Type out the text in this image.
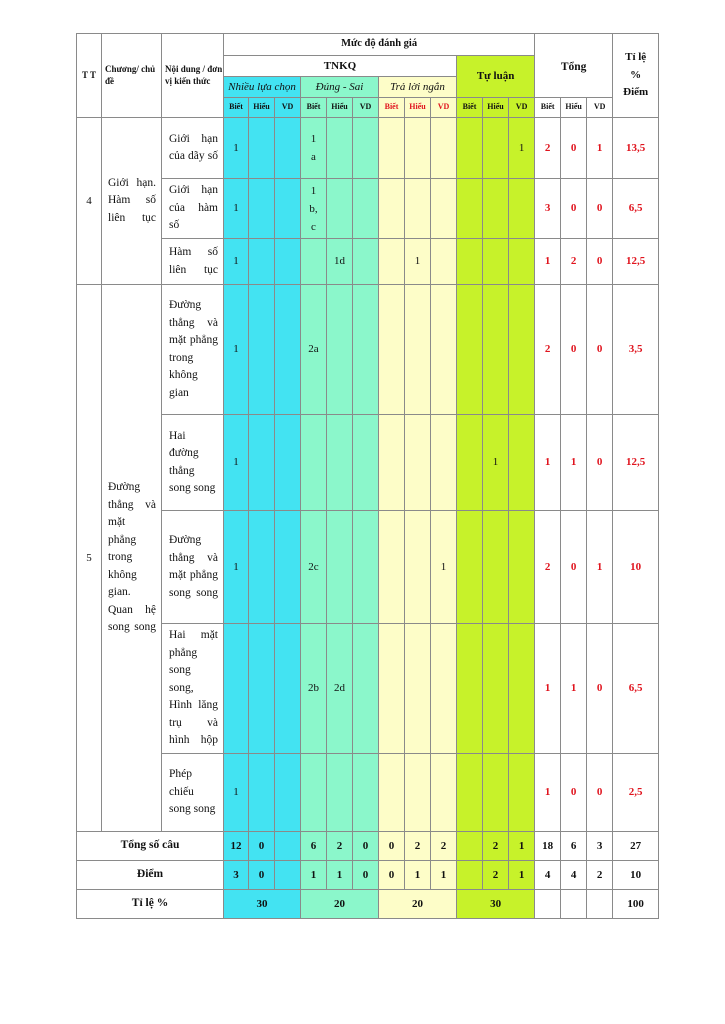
T T	Chương/ chủ đề	Nội dung / đơn vị kiến thức	Mức độ đánh giá												Tổng			Tỉ lệ % Điểm
			TNKQ									Tự luận						
			Nhiều lựa chọn			Đúng - Sai			Trả lời ngắn									
			Biết	Hiểu	VD	Biết	Hiểu	VD	Biết	Hiểu	VD	Biết	Hiểu	VD	Biết	Hiểu	VD	
4	Giới hạn. Hàm số liên tục	Giới hạn của dãy số	1			1 a								1	2	0	1	13,5
		Giới hạn của hàm số	1			1 b, c									3	0	0	6,5
		Hàm số liên tục	1				1d			1					1	2	0	12,5
5	Đường thẳng và mặt phẳng trong không gian. Quan hệ song song	Đường thẳng và mặt phẳng trong không gian	1			2a									2	0	0	3,5
		Hai đường thẳng song song	1										1		1	1	0	12,5
		Đường thẳng và mặt phẳng song song	1			2c					1				2	0	1	10
		Hai mặt phẳng song song, Hình lăng trụ và hình hộp				2b	2d								1	1	0	6,5
		Phép chiếu song song	1												1	0	0	2,5
Tổng số câu			12	0		6	2	0	0	2	2		2	1	18	6	3	27
Điểm			3	0		1	1	0	0	1	1		2	1	4	4	2	10
Tỉ lệ %			30			20			20			30						100
